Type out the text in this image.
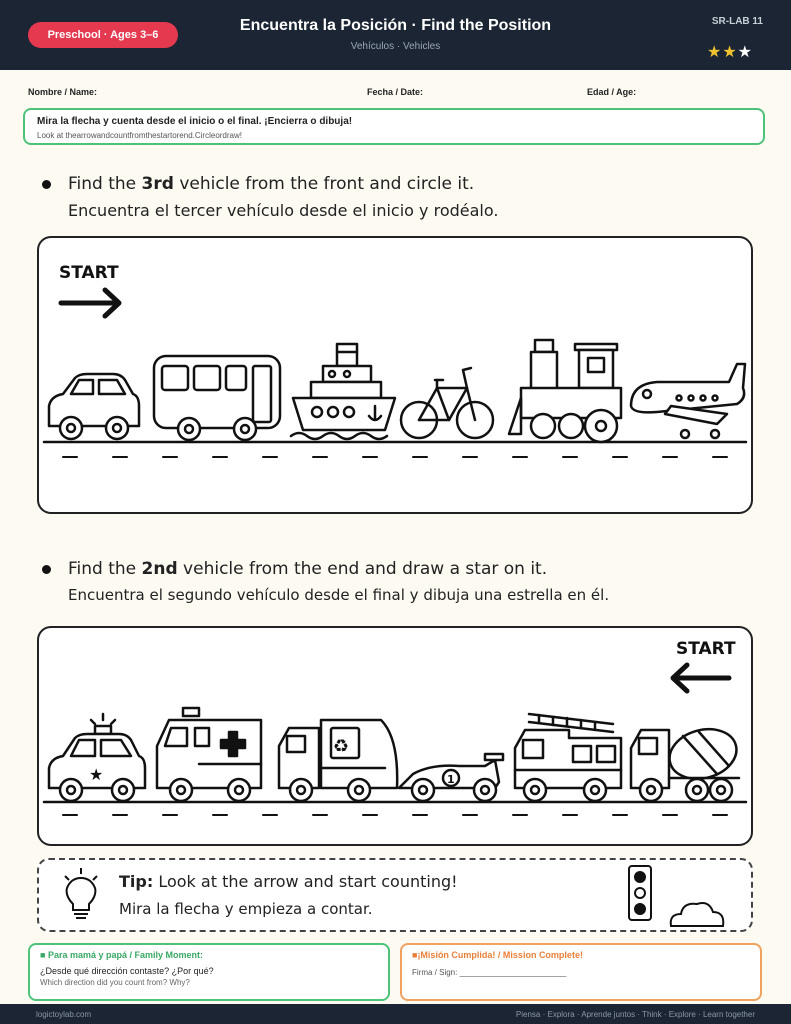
Preschool · Ages 3–6
Encuentra la Posición · Find the Position
Vehículos · Vehicles
SR-LAB 11
★★★
Nombre / Name:	Fecha / Date:	Edad / Age:
Mira la flecha y cuenta desde el inicio o el final. ¡Encierra o dibuja!
Look at thearrowandcountfromthestartorend.Circleordraw!
Find the 3rd vehicle from the front and circle it.
Encuentra el tercer vehículo desde el inicio y rodéalo.
START
Find the 2nd vehicle from the end and draw a star on it.
Encuentra el segundo vehículo desde el final y dibuja una estrella en él.
START
★
♻
1
Tip: Look at the arrow and start counting!
Mira la flecha y empieza a contar.
■ Para mamá y papá / Family Moment:
¿Desde qué dirección contaste? ¿Por qué?
Which direction did you count from? Why?
■¡Misión Cumplida! / Mission Complete!
Firma / Sign: ________________________
logictoylab.com	Piensa · Explora · Aprende juntos · Think · Explore · Learn together
